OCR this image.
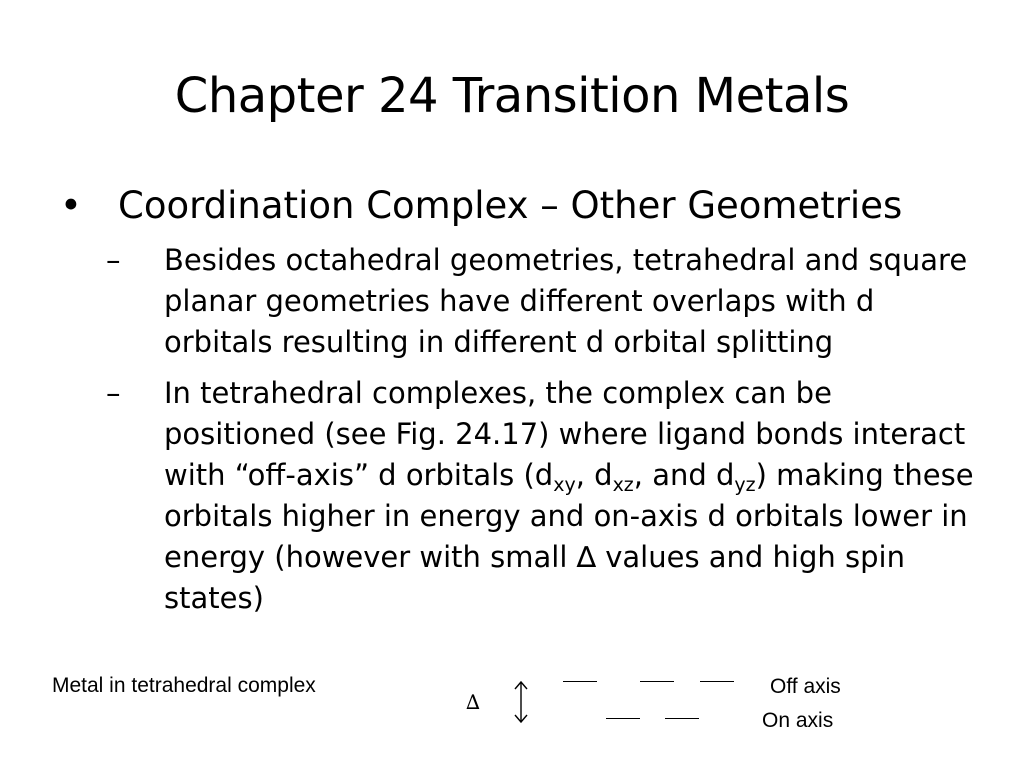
Chapter 24 Transition Metals
• Coordination Complex – Other Geometries
–	Besides octahedral geometries, tetrahedral and square planar geometries have different overlaps with d orbitals resulting in different d orbital splitting
–	In tetrahedral complexes, the complex can be positioned (see Fig. 24.17) where ligand bonds interact with “off-axis” d orbitals ($d_{xy}$, $d_{xz}$, and $d_{yz}$) making these orbitals higher in energy and on-axis d orbitals lower in energy (however with small ∆ values and high spin states)
Metal in tetrahedral complex
∆
Off axis
On axis
